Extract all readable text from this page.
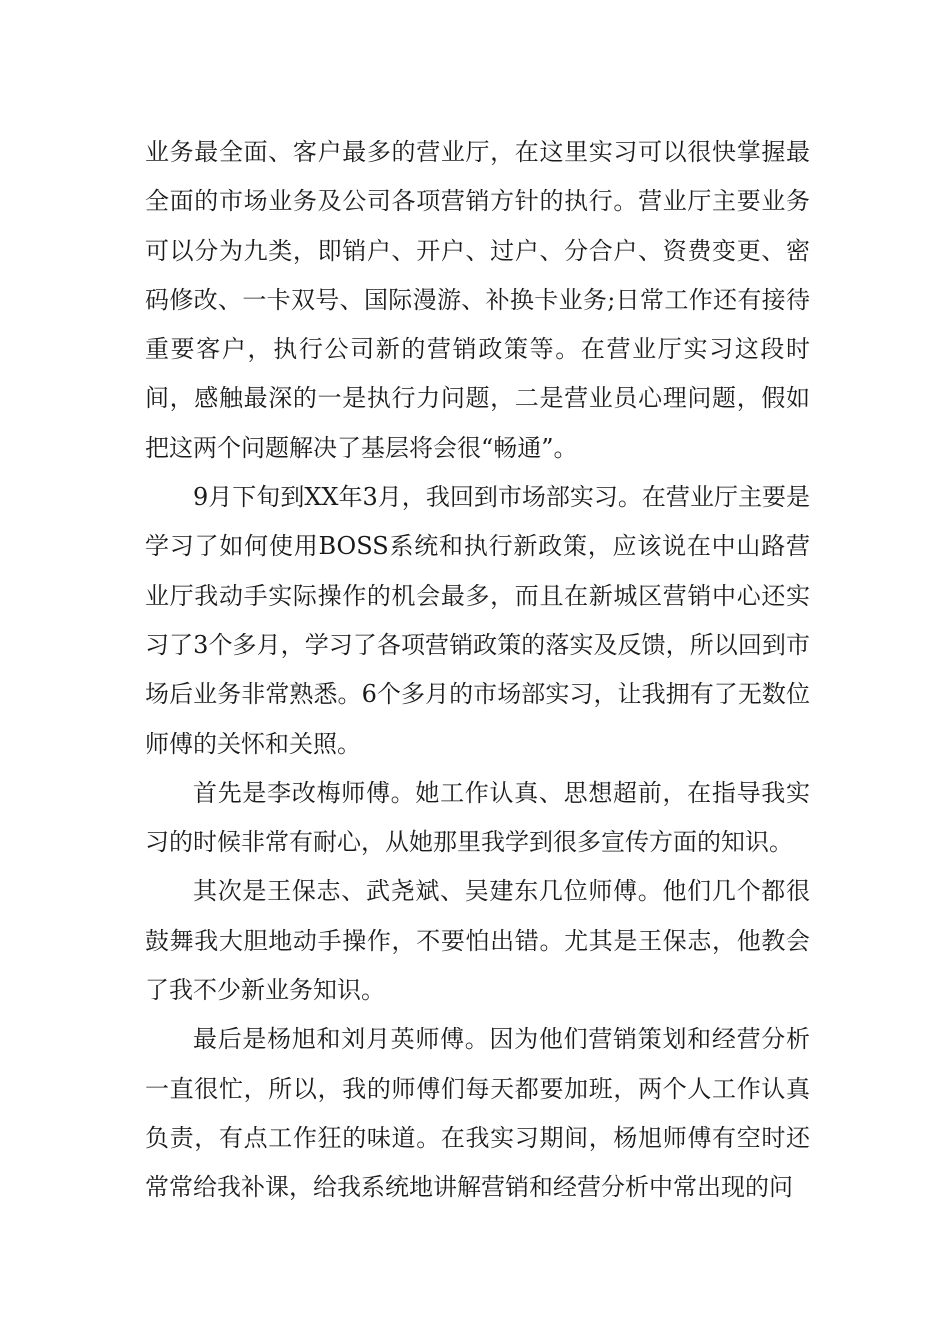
业务最全面、客户最多的营业厅，在这里实习可以很快掌握最全面的市场业务及公司各项营销方针的执行。营业厅主要业务可以分为九类，即销户、开户、过户、分合户、资费变更、密码修改、一卡双号、国际漫游、补换卡业务;日常工作还有接待重要客户，执行公司新的营销政策等。在营业厅实习这段时间，感触最深的一是执行力问题，二是营业员心理问题，假如把这两个问题解决了基层将会很“畅通”。

9月下旬到XX年3月，我回到市场部实习。在营业厅主要是学习了如何使用BOSS系统和执行新政策，应该说在中山路营业厅我动手实际操作的机会最多，而且在新城区营销中心还实习了3个多月，学习了各项营销政策的落实及反馈，所以回到市场后业务非常熟悉。6个多月的市场部实习，让我拥有了无数位师傅的关怀和关照。

首先是李改梅师傅。她工作认真、思想超前，在指导我实习的时候非常有耐心，从她那里我学到很多宣传方面的知识。

其次是王保志、武尧斌、吴建东几位师傅。他们几个都很鼓舞我大胆地动手操作，不要怕出错。尤其是王保志，他教会了我不少新业务知识。

最后是杨旭和刘月英师傅。因为他们营销策划和经营分析一直很忙，所以，我的师傅们每天都要加班，两个人工作认真负责，有点工作狂的味道。在我实习期间，杨旭师傅有空时还常常给我补课，给我系统地讲解营销和经营分析中常出现的问
